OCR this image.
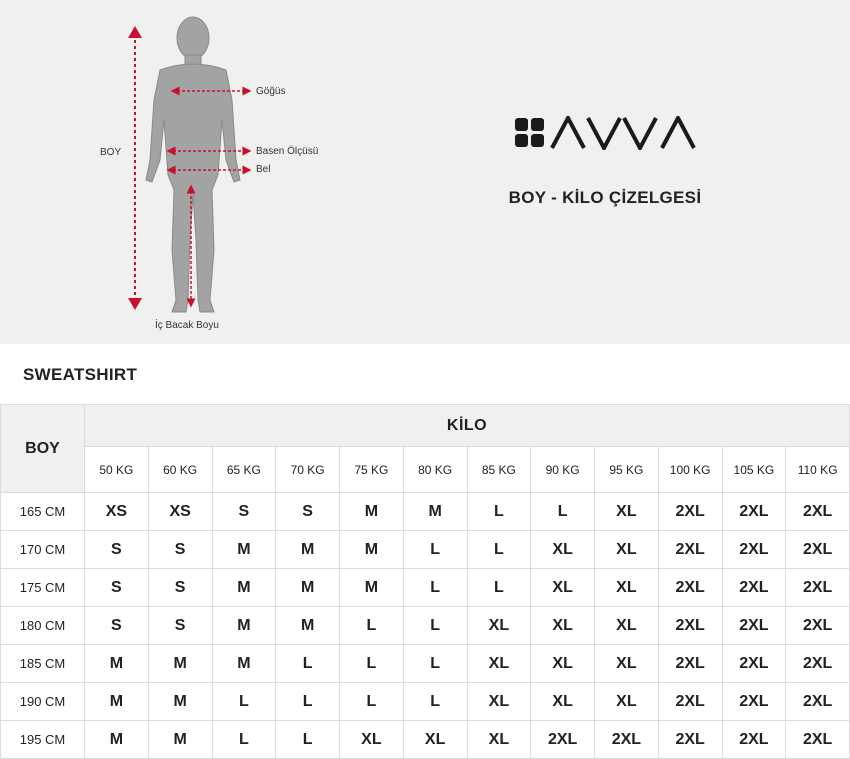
BOY
Göğüs
Basen Ölçüsü
Bel
İç Bacak Boyu
BOY - KİLO ÇİZELGESİ
SWEATSHIRT
BOY	KİLO											
	50 KG	60 KG	65 KG	70 KG	75 KG	80 KG	85 KG	90 KG	95 KG	100 KG	105 KG	110 KG
165 CM	XS	XS	S	S	M	M	L	L	XL	2XL	2XL	2XL
170 CM	S	S	M	M	M	L	L	XL	XL	2XL	2XL	2XL
175 CM	S	S	M	M	M	L	L	XL	XL	2XL	2XL	2XL
180 CM	S	S	M	M	L	L	XL	XL	XL	2XL	2XL	2XL
185 CM	M	M	M	L	L	L	XL	XL	XL	2XL	2XL	2XL
190 CM	M	M	L	L	L	L	XL	XL	XL	2XL	2XL	2XL
195 CM	M	M	L	L	XL	XL	XL	2XL	2XL	2XL	2XL	2XL
